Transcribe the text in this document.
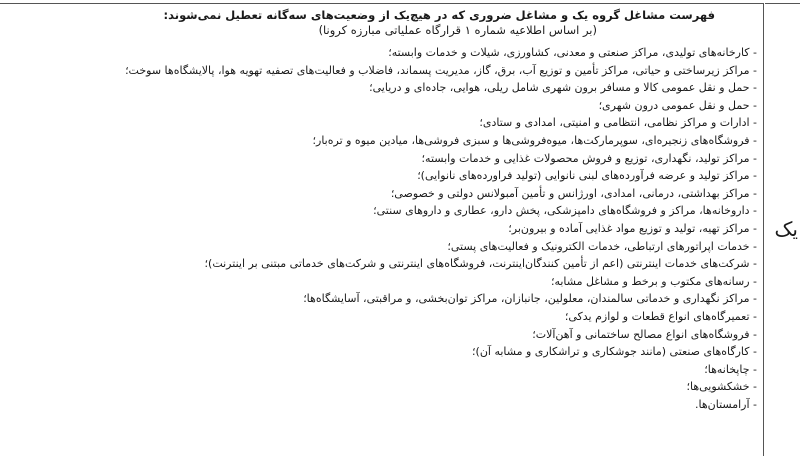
فهرست مشاغل گروه یک و مشاغل ضروری که در هیچ‌یک از وضعیت‌های سه‌گانه تعطیل نمی‌شوند:

(بر اساس اطلاعیه شماره ۱ قرارگاه عملیاتی مبارزه کرونا)

- کارخانه‌های تولیدی، مراکز صنعتی و معدنی، کشاورزی، شیلات و خدمات وابسته؛
- مراکز زیرساختی و حیاتی، مراکز تأمین و توزیع آب، برق، گاز، مدیریت پسماند، فاضلاب و فعالیت‌های تصفیه تهویه هوا، پالایشگاه‌ها سوخت؛
- حمل و نقل عمومی کالا و مسافر برون شهری شامل ریلی، هوایی، جاده‌ای و دریایی؛
- حمل و نقل عمومی درون شهری؛
- ادارات و مراکز نظامی، انتظامی و امنیتی، امدادی و ستادی؛
- فروشگاه‌های زنجیره‌ای، سوپرمارکت‌ها، میوه‌فروشی‌ها و سبزی فروشی‌ها، میادین میوه و تره‌بار؛
- مراکز تولید، نگهداری، توزیع و فروش محصولات غذایی و خدمات وابسته؛
- مراکز تولید و عرضه فرآورده‌های لبنی نانوایی (تولید فراورده‌های نانوایی)؛
- مراکز بهداشتی، درمانی، امدادی، اورژانس و تأمین آمبولانس دولتی و خصوصی؛
- داروخانه‌ها، مراکز و فروشگاه‌های دامپزشکی، پخش دارو، عطاری و داروهای سنتی؛
- مراکز تهیه، تولید و توزیع مواد غذایی آماده و بیرون‌بر؛
- خدمات اپراتورهای ارتباطی، خدمات الکترونیک و فعالیت‌های پستی؛
- شرکت‌های خدمات اینترنتی (اعم از تأمین کنندگان‌اینترنت، فروشگاه‌های اینترنتی و شرکت‌های خدماتی مبتنی بر اینترنت)؛
- رسانه‌های مکتوب و برخط و مشاغل مشابه؛
- مراکز نگهداری و خدماتی سالمندان، معلولین، جانبازان، مراکز توان‌بخشی، و مراقبتی، آسایشگاه‌ها؛
- تعمیرگاه‌های انواع قطعات و لوازم یدکی؛
- فروشگاه‌های انواع مصالح ساختمانی و آهن‌آلات؛
- کارگاه‌های صنعتی (مانند جوشکاری و تراشکاری و مشابه آن)؛
- چاپخانه‌ها؛
- خشکشویی‌ها؛
- آرامستان‌ها.
یک
